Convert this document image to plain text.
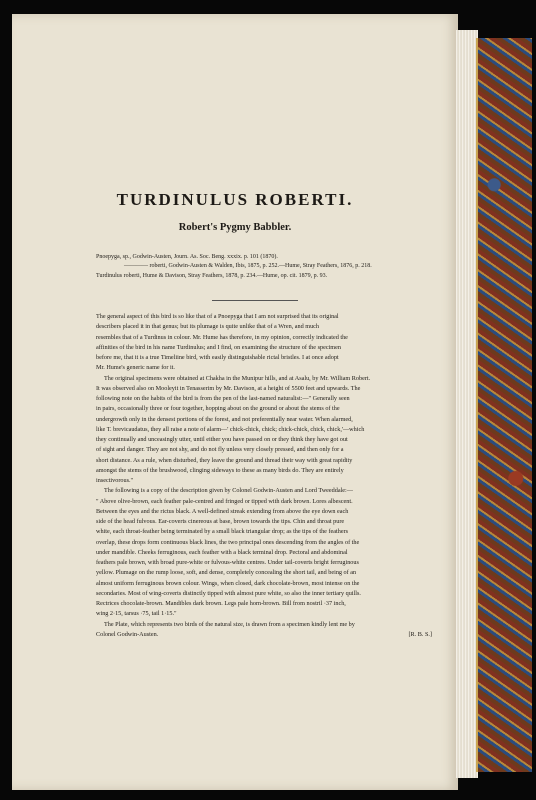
TURDINULUS ROBERTI.
Robert's Pygmy Babbler.
Pnoepyga, sp., Godwin-Austen, Journ. As. Soc. Beng. xxxix. p. 101 (1870).
———— roberti, Godwin-Austen & Walden, Ibis, 1875, p. 252.—Hume, Stray Feathers, 1876, p. 218.
Turdinulus roberti, Hume & Davison, Stray Feathers, 1878, p. 234.—Hume, op. cit. 1879, p. 93.
The general aspect of this bird is so like that of a Pnoepyga that I am not surprised that its original
describers placed it in that genus; but its plumage is quite unlike that of a Wren, and much
resembles that of a Turdinus in colour. Mr. Hume has therefore, in my opinion, correctly indicated the
affinities of the bird in his name Turdinulus; and I find, on examining the structure of the specimen
before me, that it is a true Timeliine bird, with easily distinguishable rictal bristles. I at once adopt
Mr. Hume's generic name for it.
The original specimens were obtained at Chakha in the Munipur hills, and at Asalu, by Mr. William Robert.
It was observed also on Mooleyit in Tenasserim by Mr. Davison, at a height of 5500 feet and upwards. The
following note on the habits of the bird is from the pen of the last-named naturalist:—" Generally seen
in pairs, occasionally three or four together, hopping about on the ground or about the stems of the
undergrowth only in the densest portions of the forest, and not preferentially near water. When alarmed,
like T. brevicaudatus, they all raise a note of alarm—' chick-chick, chick; chick-chick, chick, chick,'—which
they continually and unceasingly utter, until either you have passed on or they think they have got out
of sight and danger. They are not shy, and do not fly unless very closely pressed, and then only for a
short distance. As a rule, when disturbed, they leave the ground and thread their way with great rapidity
amongst the stems of the brushwood, clinging sideways to these as many birds do. They are entirely
insectivorous."
The following is a copy of the description given by Colonel Godwin-Austen and Lord Tweeddale:—
" Above olive-brown, each feather pale-centred and fringed or tipped with dark brown. Lores albescent.
Between the eyes and the rictus black. A well-defined streak extending from above the eye down each
side of the head fulvous. Ear-coverts cinereous at base, brown towards the tips. Chin and throat pure
white, each throat-feather being terminated by a small black triangular drop; as the tips of the feathers
overlap, these drops form continuous black lines, the two principal ones descending from the angles of the
under mandible. Cheeks ferruginous, each feather with a black terminal drop. Pectoral and abdominal
feathers pale brown, with broad pure-white or fulvous-white centres. Under tail-coverts bright ferruginous
yellow. Plumage on the rump loose, soft, and dense, completely concealing the short tail, and being of an
almost uniform ferruginous brown colour. Wings, when closed, dark chocolate-brown, most intense on the
secondaries. Most of wing-coverts distinctly tipped with almost pure white, so also the inner tertiary quills.
Rectrices chocolate-brown. Mandibles dark brown. Legs pale horn-brown. Bill from nostril ·37 inch,
wing 2·15, tarsus ·75, tail 1·15."
The Plate, which represents two birds of the natural size, is drawn from a specimen kindly lent me by
Colonel Godwin-Austen.	[R. B. S.]
